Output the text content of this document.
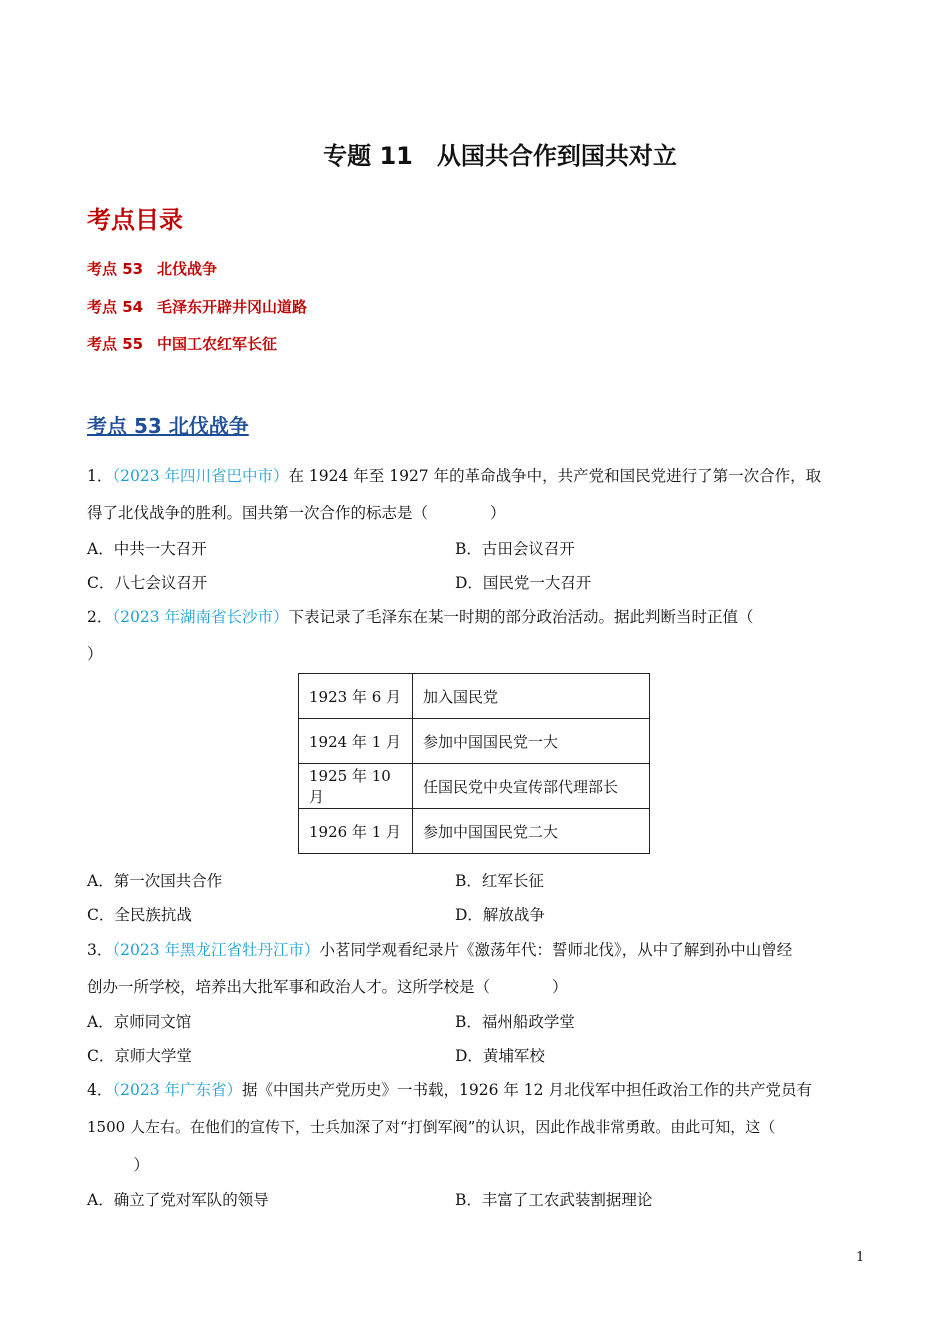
专题 11　从国共合作到国共对立
考点目录
考点 53 北伐战争
考点 54 毛泽东开辟井冈山道路
考点 55 中国工农红军长征
考点 53 北伐战争
1．（2023 年四川省巴中市）在 1924 年至 1927 年的革命战争中，共产党和国民党进行了第一次合作，取
得了北伐战争的胜利。国共第一次合作的标志是（　　　　）
A．中共一大召开	B．古田会议召开
C．八七会议召开	D．国民党一大召开
2．（2023 年湖南省长沙市）下表记录了毛泽东在某一时期的部分政治活动。据此判断当时正值（
）
1923 年 6 月	加入国民党
1924 年 1 月	参加中国国民党一大
1925 年 10 月	任国民党中央宣传部代理部长
1926 年 1 月	参加中国国民党二大
A．第一次国共合作	B．红军长征
C．全民族抗战	D．解放战争
3．（2023 年黑龙江省牡丹江市）小茗同学观看纪录片《激荡年代：誓师北伐》，从中了解到孙中山曾经
创办一所学校，培养出大批军事和政治人才。这所学校是（　　　　）
A．京师同文馆	B．福州船政学堂
C．京师大学堂	D．黄埔军校
4．（2023 年广东省）据《中国共产党历史》一书载，1926 年 12 月北伐军中担任政治工作的共产党员有
1500 人左右。在他们的宣传下，士兵加深了对“打倒军阀”的认识，因此作战非常勇敢。由此可知，这（
　　　）
A．确立了党对军队的领导	B．丰富了工农武装割据理论
1
